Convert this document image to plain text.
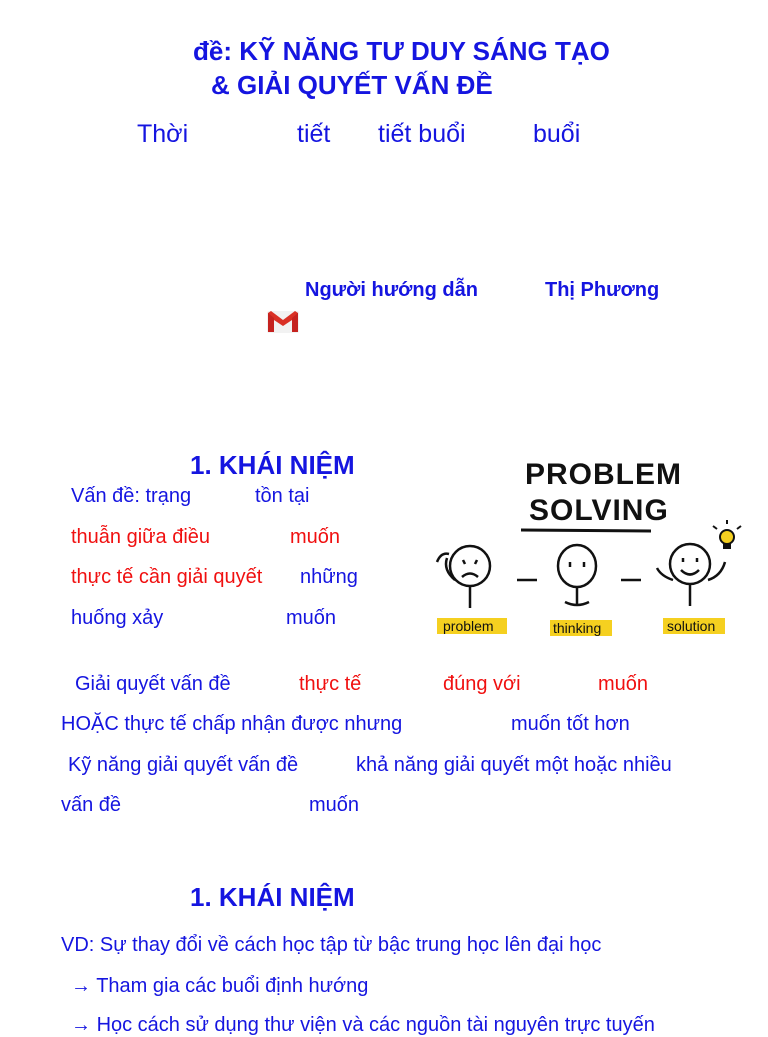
đề: KỸ NĂNG TƯ DUY SÁNG TẠO
& GIẢI QUYẾT VẤN ĐỀ
Thời	tiết tiết buổi	buổi
Người hướng dẫn	Thị Phương
1. KHÁI NIỆM
Vấn đề: trạng	tồn tại
thuẫn giữa điều	muốn
thực tế cần giải quyết những
huống xảy	muốn
PROBLEM
SOLVING
problem	thinking	solution
Giải quyết vấn đề	thực tế	đúng với	muốn
HOẶC thực tế chấp nhận được nhưng	muốn tốt hơn
Kỹ năng giải quyết vấn đề	khả năng giải quyết một hoặc nhiều
vấn đề	muốn
1. KHÁI NIỆM
VD: Sự thay đổi về cách học tập từ bậc trung học lên đại học
→ Tham gia các buổi định hướng
→ Học cách sử dụng thư viện và các nguồn tài nguyên trực tuyến
